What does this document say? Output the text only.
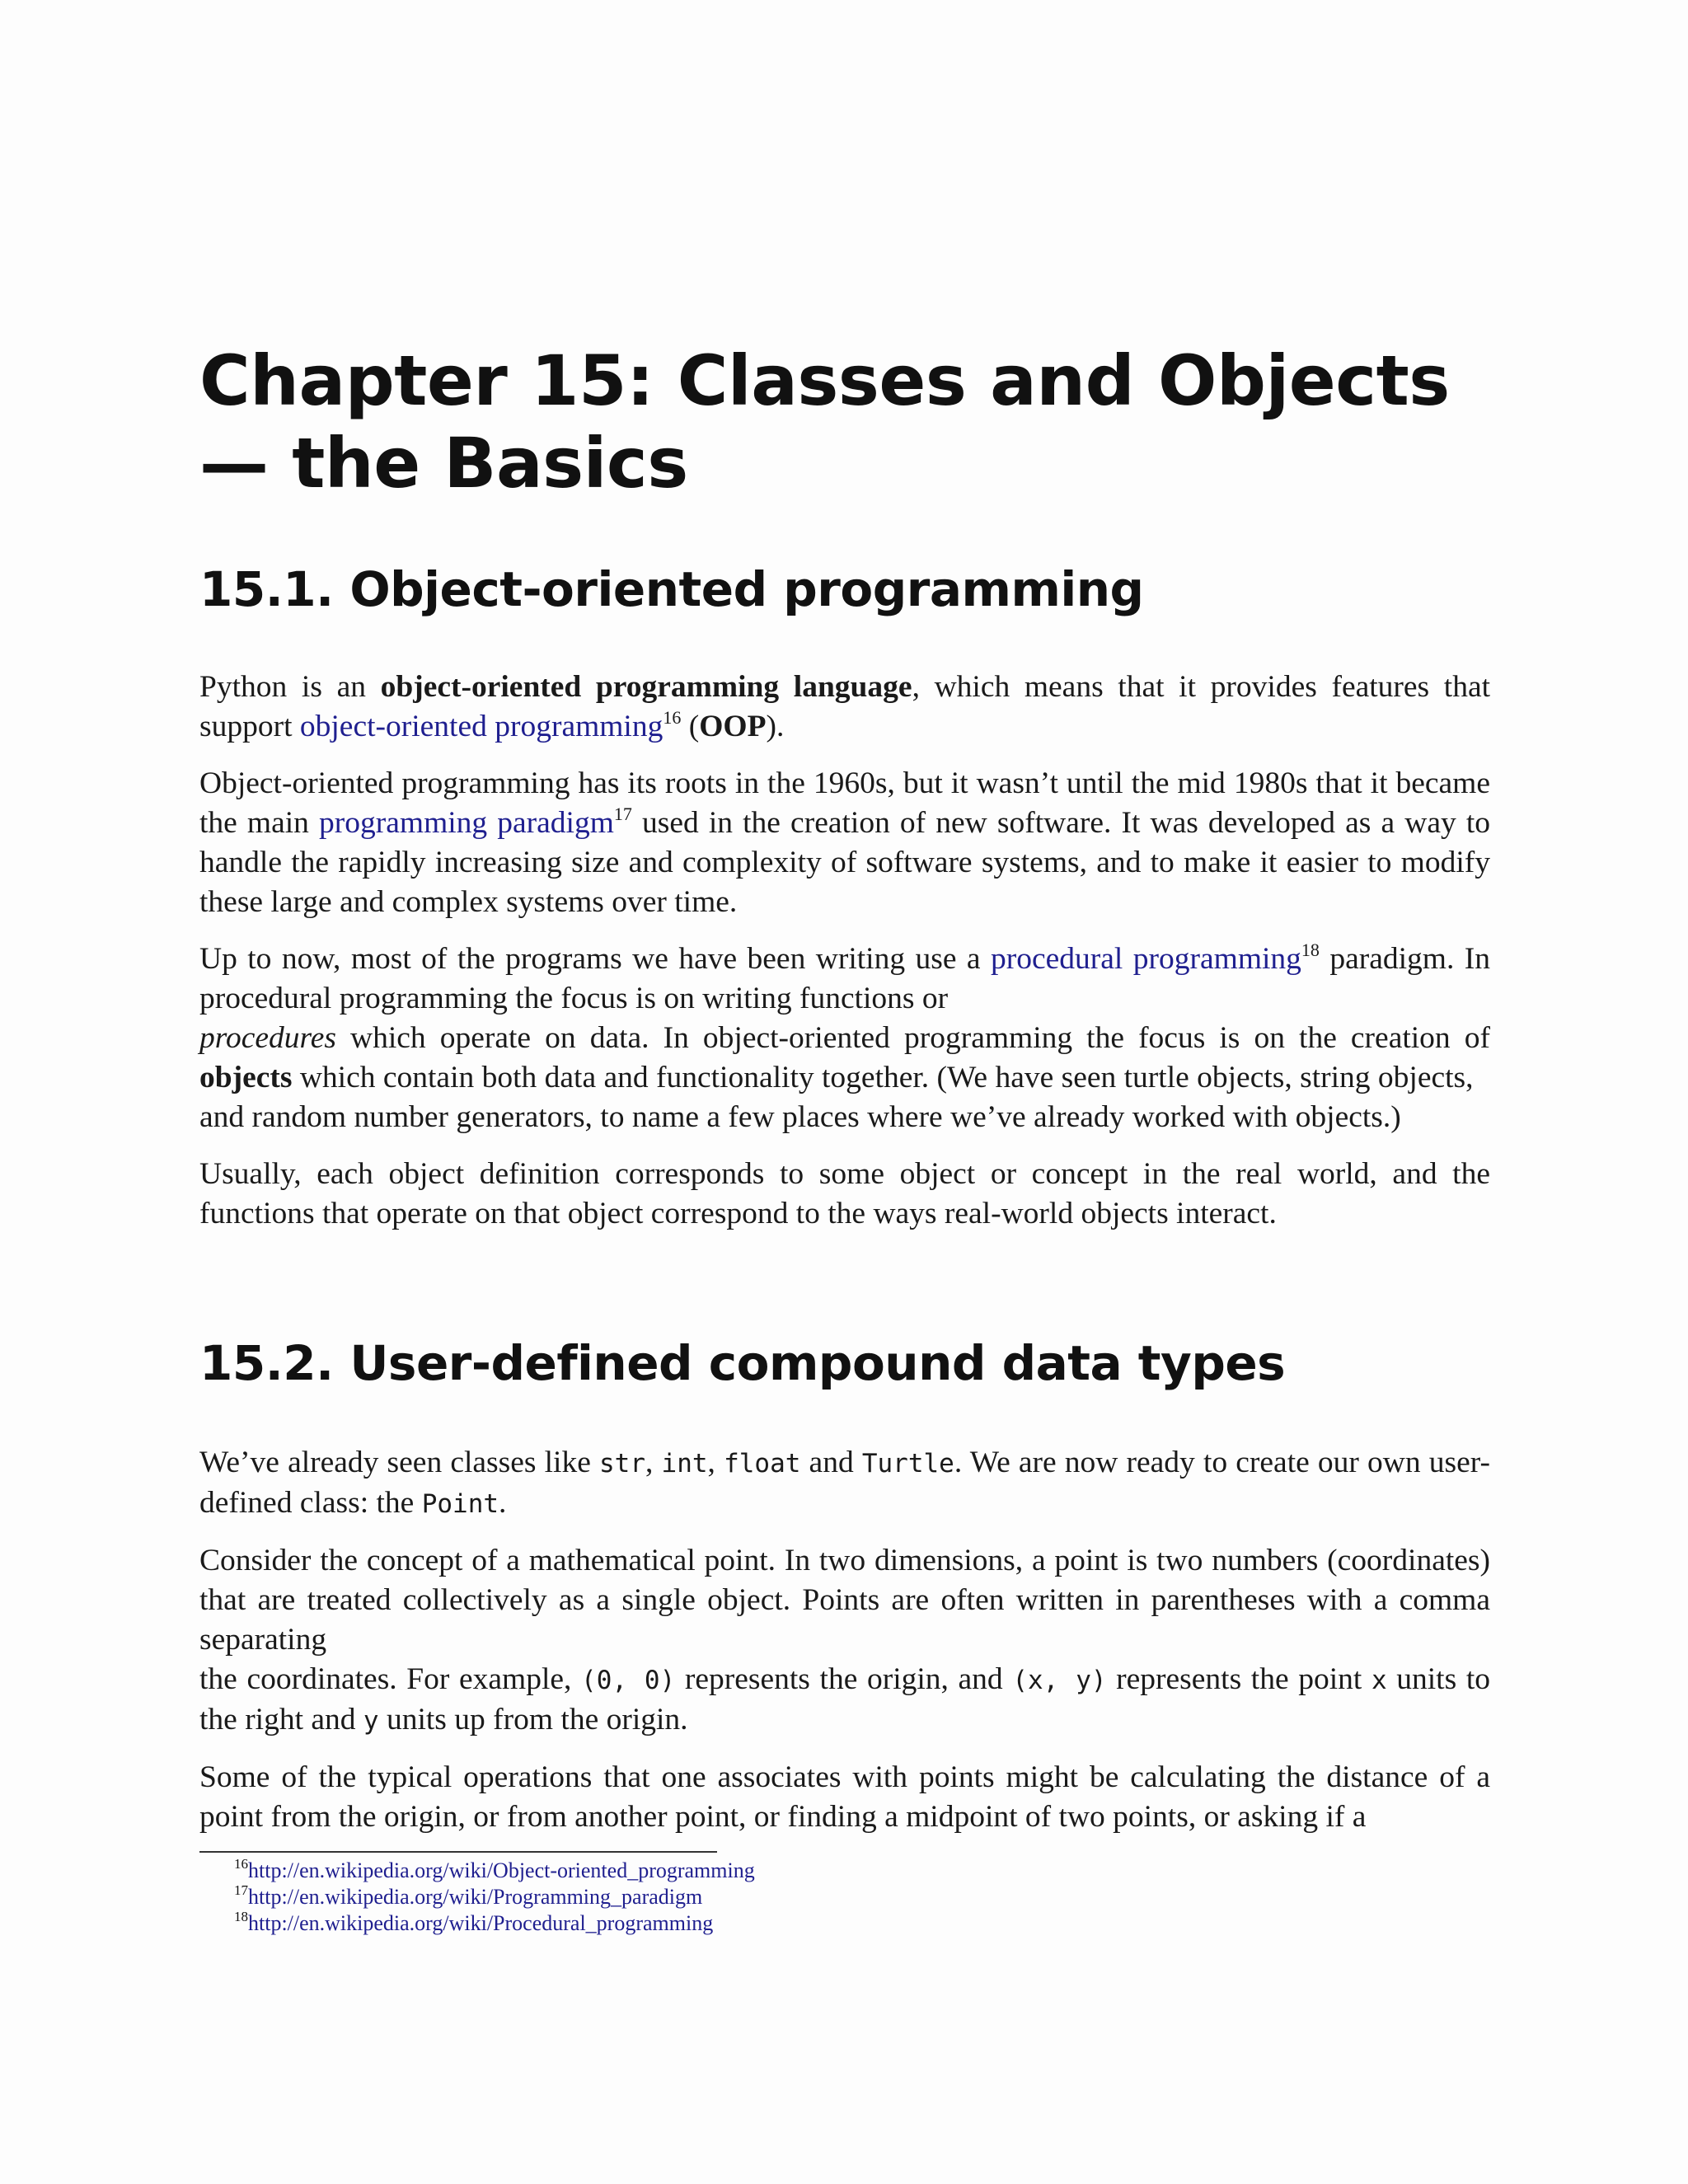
Chapter 15: Classes and Objects — the Basics
15.1. Object-oriented programming

Python is an object-oriented programming language, which means that it provides features that support object-oriented programming$^{16}$ (OOP).

Object-oriented programming has its roots in the 1960s, but it wasn’t until the mid 1980s that it became the main programming paradigm$^{17}$ used in the creation of new software. It was developed as a way to handle the rapidly increasing size and complexity of software systems, and to make it easier to modify these large and complex systems over time.

Up to now, most of the programs we have been writing use a procedural programming$^{18}$ paradigm. In procedural programming the focus is on writing functions or
procedures which operate on data. In object-oriented programming the focus is on the creation of objects which contain both data and functionality together. (We have seen turtle objects, string objects,
and random number generators, to name a few places where we’ve already worked with objects.)

Usually, each object definition corresponds to some object or concept in the real world, and the functions that operate on that object correspond to the ways real-world objects interact.

15.2. User-defined compound data types

We’ve already seen classes like str, int, float and Turtle. We are now ready to create our own user-defined class: the Point.

Consider the concept of a mathematical point. In two dimensions, a point is two numbers (coordinates) that are treated collectively as a single object. Points are often written in parentheses with a comma separating
the coordinates. For example, (0, 0) represents the origin, and (x, y) represents the point x units to the right and y units up from the origin.

Some of the typical operations that one associates with points might be calculating the distance of a point from the origin, or from another point, or finding a midpoint of two points, or asking if a

$^{16}$http://en.wikipedia.org/wiki/Object-oriented_programming
$^{17}$http://en.wikipedia.org/wiki/Programming_paradigm
$^{18}$http://en.wikipedia.org/wiki/Procedural_programming
